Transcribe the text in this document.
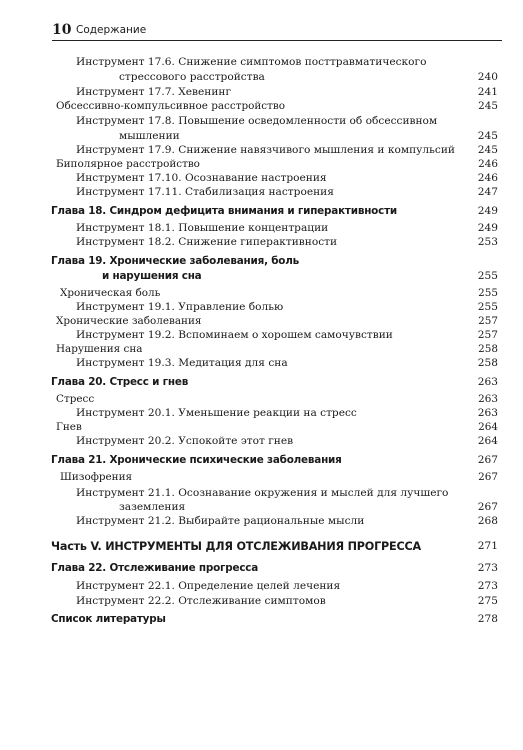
10 Содержание
Инструмент 17.6. Снижение симптомов посттравматического
стрессового расстройства	240
Инструмент 17.7. Хевенинг	241
Обсессивно-компульсивное расстройство	245
Инструмент 17.8. Повышение осведомленности об обсессивном
мышлении	245
Инструмент 17.9. Снижение навязчивого мышления и компульсий 245
Биполярное расстройство	246
Инструмент 17.10. Осознавание настроения	246
Инструмент 17.11. Стабилизация настроения	247
Глава 18. Синдром дефицита внимания и гиперактивности	249
Инструмент 18.1. Повышение концентрации	249
Инструмент 18.2. Снижение гиперактивности	253
Глава 19. Хронические заболевания, боль
и нарушения сна	255
Хроническая боль	255
Инструмент 19.1. Управление болью	255
Хронические заболевания	257
Инструмент 19.2. Вспоминаем о хорошем самочувствии	257
Нарушения сна	258
Инструмент 19.3. Медитация для сна	258
Глава 20. Стресс и гнев	263
Стресс	263
Инструмент 20.1. Уменьшение реакции на стресс	263
Гнев	264
Инструмент 20.2. Успокойте этот гнев	264
Глава 21. Хронические психические заболевания	267
Шизофрения	267
Инструмент 21.1. Осознавание окружения и мыслей для лучшего
заземления	267
Инструмент 21.2. Выбирайте рациональные мысли	268
Часть V. ИНСТРУМЕНТЫ ДЛЯ ОТСЛЕЖИВАНИЯ ПРОГРЕССА	271
Глава 22. Отслеживание прогресса	273
Инструмент 22.1. Определение целей лечения	273
Инструмент 22.2. Отслеживание симптомов	275
Список литературы	278
